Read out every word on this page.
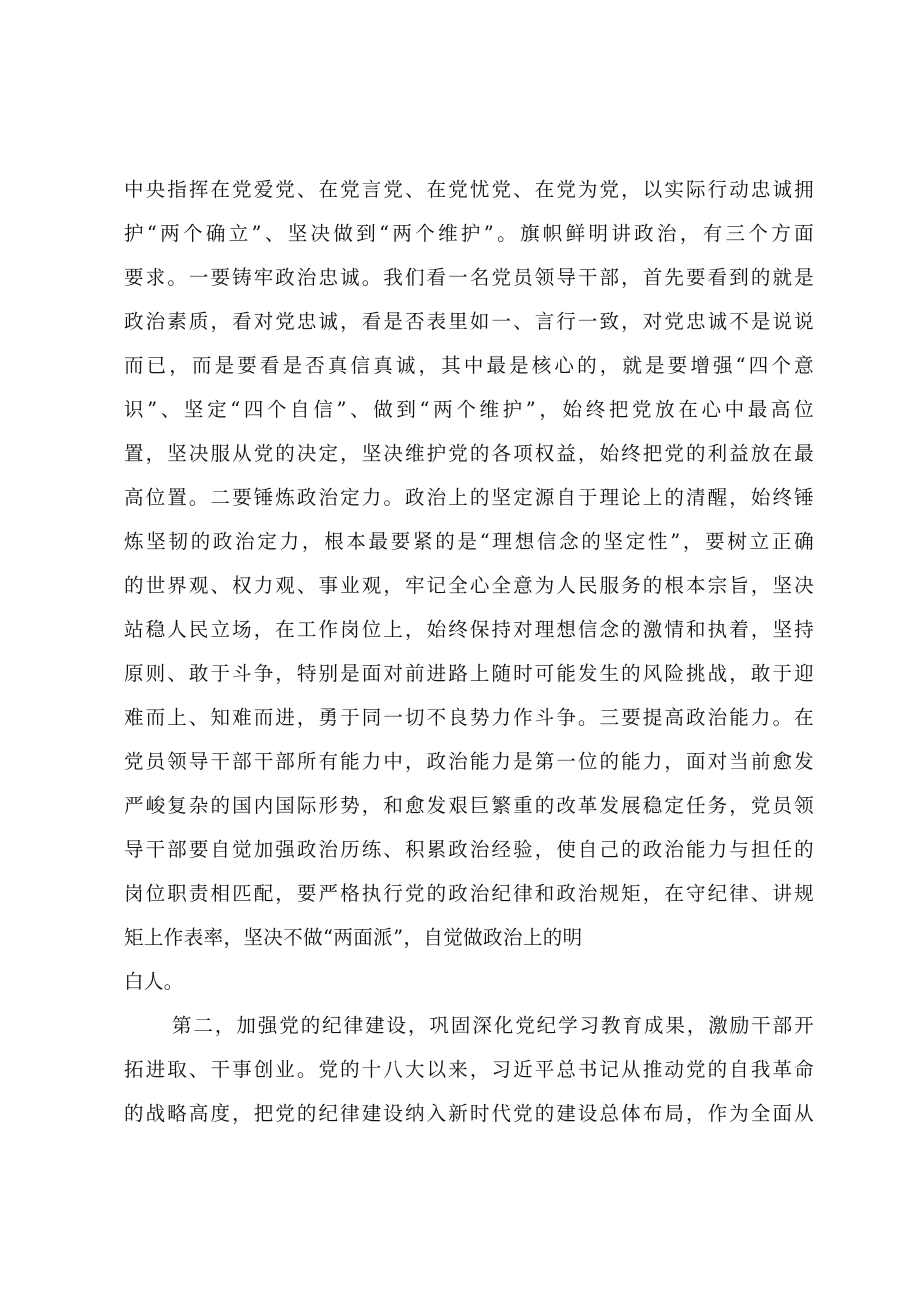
中央指挥在党爱党、在党言党、在党忧党、在党为党，以实际行动忠诚拥
护“两个确立”、坚决做到“两个维护”。旗帜鲜明讲政治，有三个方面
要求。一要铸牢政治忠诚。我们看一名党员领导干部，首先要看到的就是
政治素质，看对党忠诚，看是否表里如一、言行一致，对党忠诚不是说说
而已，而是要看是否真信真诚，其中最是核心的，就是要增强“四个意
识”、坚定“四个自信”、做到“两个维护”，始终把党放在心中最高位
置，坚决服从党的决定，坚决维护党的各项权益，始终把党的利益放在最
高位置。二要锤炼政治定力。政治上的坚定源自于理论上的清醒，始终锤
炼坚韧的政治定力，根本最要紧的是“理想信念的坚定性”，要树立正确
的世界观、权力观、事业观，牢记全心全意为人民服务的根本宗旨，坚决
站稳人民立场，在工作岗位上，始终保持对理想信念的激情和执着，坚持
原则、敢于斗争，特别是面对前进路上随时可能发生的风险挑战，敢于迎
难而上、知难而进，勇于同一切不良势力作斗争。三要提高政治能力。在
党员领导干部干部所有能力中，政治能力是第一位的能力，面对当前愈发
严峻复杂的国内国际形势，和愈发艰巨繁重的改革发展稳定任务，党员领
导干部要自觉加强政治历练、积累政治经验，使自己的政治能力与担任的
岗位职责相匹配，要严格执行党的政治纪律和政治规矩，在守纪律、讲规
矩上作表率，坚决不做“两面派”，自觉做政治上的明
白人。
第二，加强党的纪律建设，巩固深化党纪学习教育成果，激励干部开
拓进取、干事创业。党的十八大以来，习近平总书记从推动党的自我革命
的战略高度，把党的纪律建设纳入新时代党的建设总体布局，作为全面从
